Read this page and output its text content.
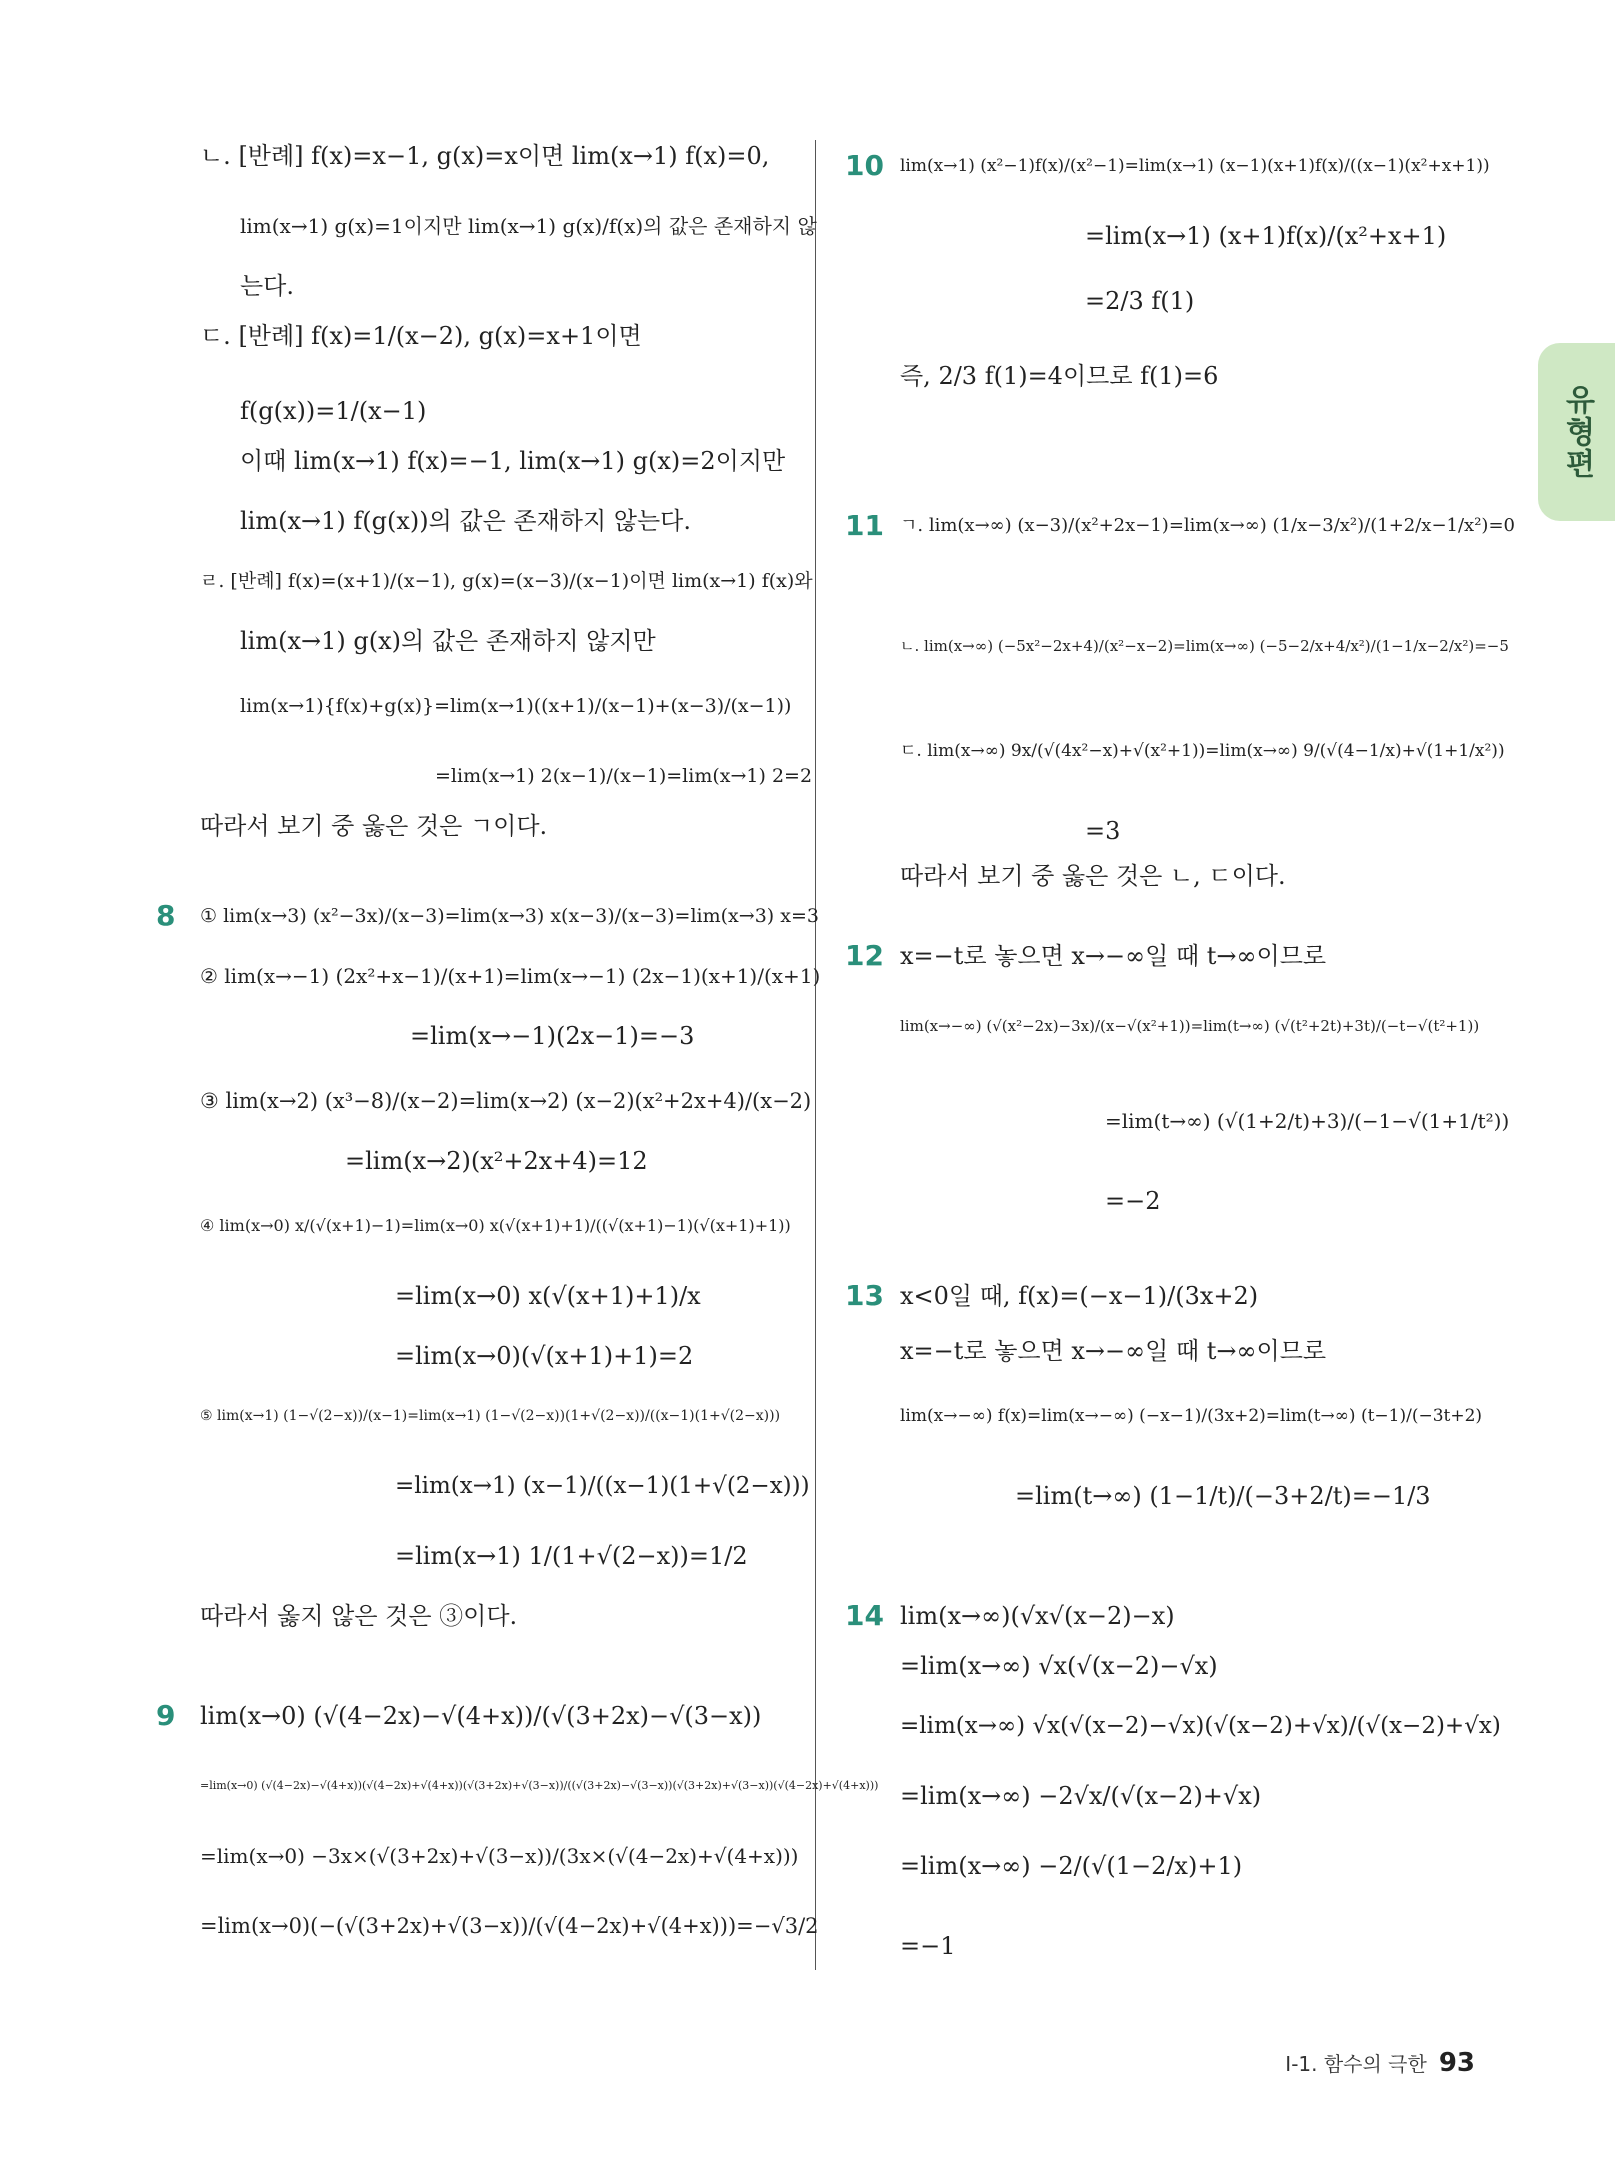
ㄴ. [반례] f(x)=x−1, g(x)=x이면 lim(x→1) f(x)=0,
lim(x→1) g(x)=1이지만 lim(x→1) g(x)/f(x)의 값은 존재하지 않
는다.
ㄷ. [반례] f(x)=1/(x−2), g(x)=x+1이면
f(g(x))=1/(x−1)
이때 lim(x→1) f(x)=−1, lim(x→1) g(x)=2이지만
lim(x→1) f(g(x))의 값은 존재하지 않는다.
ㄹ. [반례] f(x)=(x+1)/(x−1), g(x)=(x−3)/(x−1)이면 lim(x→1) f(x)와
lim(x→1) g(x)의 값은 존재하지 않지만
lim(x→1){f(x)+g(x)}=lim(x→1)((x+1)/(x−1)+(x−3)/(x−1))
=lim(x→1) 2(x−1)/(x−1)=lim(x→1) 2=2
따라서 보기 중 옳은 것은 ㄱ이다.
8 ① lim(x→3) (x²−3x)/(x−3)=lim(x→3) x(x−3)/(x−3)=lim(x→3) x=3
② lim(x→−1) (2x²+x−1)/(x+1)=lim(x→−1) (2x−1)(x+1)/(x+1)
=lim(x→−1)(2x−1)=−3
③ lim(x→2) (x³−8)/(x−2)=lim(x→2) (x−2)(x²+2x+4)/(x−2)
=lim(x→2)(x²+2x+4)=12
④ lim(x→0) x/(√(x+1)−1)=lim(x→0) x(√(x+1)+1)/((√(x+1)−1)(√(x+1)+1))
=lim(x→0) x(√(x+1)+1)/x
=lim(x→0)(√(x+1)+1)=2
⑤ lim(x→1) (1−√(2−x))/(x−1)=lim(x→1) (1−√(2−x))(1+√(2−x))/((x−1)(1+√(2−x)))
=lim(x→1) (x−1)/((x−1)(1+√(2−x)))
=lim(x→1) 1/(1+√(2−x))=1/2
따라서 옳지 않은 것은 ③이다.
9 lim(x→0) (√(4−2x)−√(4+x))/(√(3+2x)−√(3−x))
=lim(x→0) (√(4−2x)−√(4+x))(√(4−2x)+√(4+x))(√(3+2x)+√(3−x))/((√(3+2x)−√(3−x))(√(3+2x)+√(3−x))(√(4−2x)+√(4+x)))
=lim(x→0) −3x×(√(3+2x)+√(3−x))/(3x×(√(4−2x)+√(4+x)))
=lim(x→0)(−(√(3+2x)+√(3−x))/(√(4−2x)+√(4+x)))=−√3/2
10 lim(x→1) (x²−1)f(x)/(x²−1)=lim(x→1) (x−1)(x+1)f(x)/((x−1)(x²+x+1))
=lim(x→1) (x+1)f(x)/(x²+x+1)
=2/3 f(1)
즉, 2/3 f(1)=4이므로 f(1)=6
11 ㄱ. lim(x→∞) (x−3)/(x²+2x−1)=lim(x→∞) (1/x−3/x²)/(1+2/x−1/x²)=0
ㄴ. lim(x→∞) (−5x²−2x+4)/(x²−x−2)=lim(x→∞) (−5−2/x+4/x²)/(1−1/x−2/x²)=−5
ㄷ. lim(x→∞) 9x/(√(4x²−x)+√(x²+1))=lim(x→∞) 9/(√(4−1/x)+√(1+1/x²))
=3
따라서 보기 중 옳은 것은 ㄴ, ㄷ이다.
12 x=−t로 놓으면 x→−∞일 때 t→∞이므로
lim(x→−∞) (√(x²−2x)−3x)/(x−√(x²+1))=lim(t→∞) (√(t²+2t)+3t)/(−t−√(t²+1))
=lim(t→∞) (√(1+2/t)+3)/(−1−√(1+1/t²))
=−2
13 x<0일 때, f(x)=(−x−1)/(3x+2)
x=−t로 놓으면 x→−∞일 때 t→∞이므로
lim(x→−∞) f(x)=lim(x→−∞) (−x−1)/(3x+2)=lim(t→∞) (t−1)/(−3t+2)
=lim(t→∞) (1−1/t)/(−3+2/t)=−1/3
14 lim(x→∞)(√x√(x−2)−x)
=lim(x→∞) √x(√(x−2)−√x)
=lim(x→∞) √x(√(x−2)−√x)(√(x−2)+√x)/(√(x−2)+√x)
=lim(x→∞) −2√x/(√(x−2)+√x)
=lim(x→∞) −2/(√(1−2/x)+1)
=−1
유형편
Ⅰ-1. 함수의 극한 93
